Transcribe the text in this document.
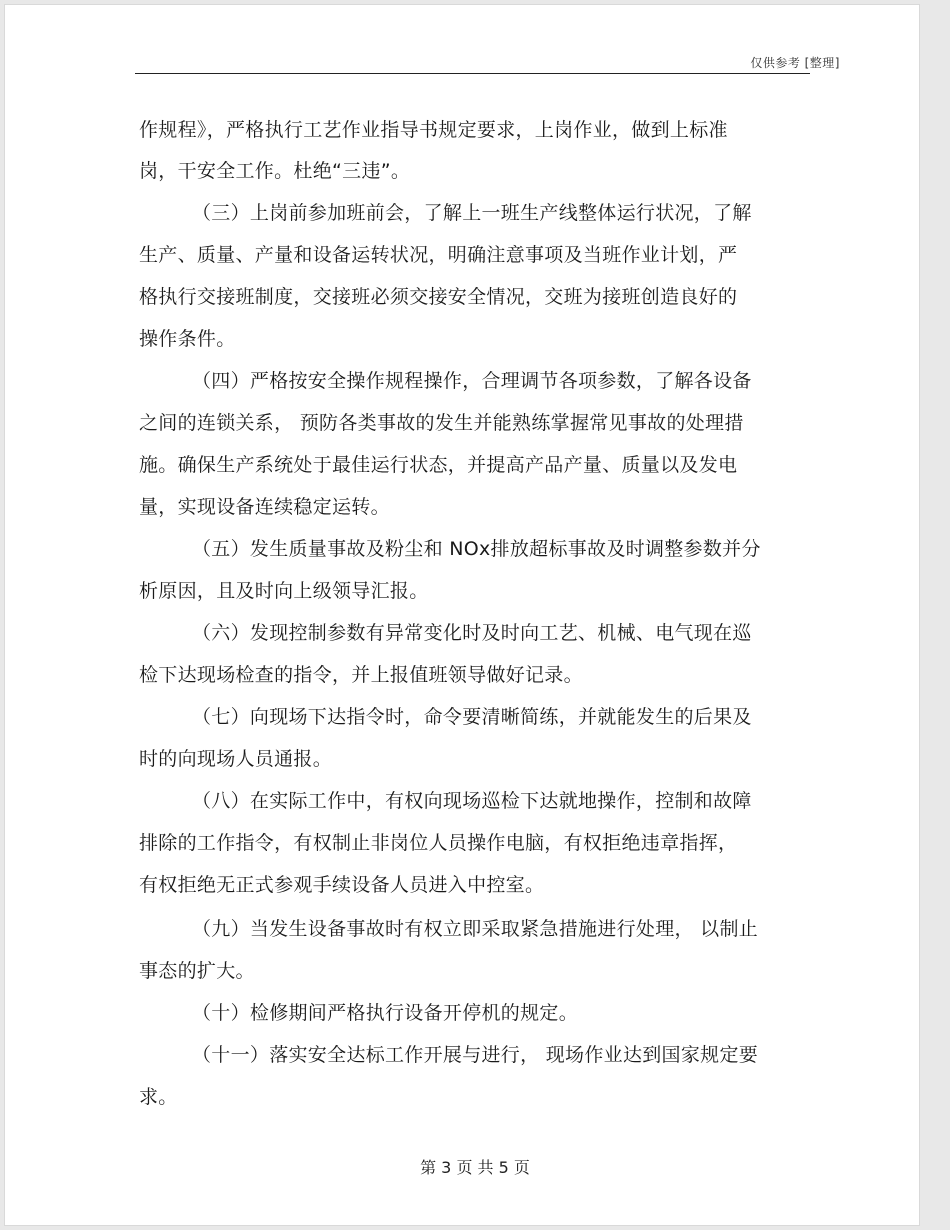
仅供参考 [整理]
作规程》，严格执行工艺作业指导书规定要求，上岗作业，做到上标准
岗，干安全工作。杜绝“三违”。
（三）上岗前参加班前会，了解上一班生产线整体运行状况，了解
生产、质量、产量和设备运转状况，明确注意事项及当班作业计划，严
格执行交接班制度，交接班必须交接安全情况，交班为接班创造良好的
操作条件。
（四）严格按安全操作规程操作，合理调节各项参数，了解各设备
之间的连锁关系， 预防各类事故的发生并能熟练掌握常见事故的处理措
施。确保生产系统处于最佳运行状态，并提高产品产量、质量以及发电
量，实现设备连续稳定运转。
（五）发生质量事故及粉尘和 NOx排放超标事故及时调整参数并分
析原因，且及时向上级领导汇报。
（六）发现控制参数有异常变化时及时向工艺、机械、电气现在巡
检下达现场检查的指令，并上报值班领导做好记录。
（七）向现场下达指令时，命令要清晰简练，并就能发生的后果及
时的向现场人员通报。
（八）在实际工作中，有权向现场巡检下达就地操作，控制和故障
排除的工作指令，有权制止非岗位人员操作电脑，有权拒绝违章指挥，
有权拒绝无正式参观手续设备人员进入中控室。
（九）当发生设备事故时有权立即采取紧急措施进行处理， 以制止
事态的扩大。
（十）检修期间严格执行设备开停机的规定。
（十一）落实安全达标工作开展与进行， 现场作业达到国家规定要
求。
第 3 页 共 5 页
